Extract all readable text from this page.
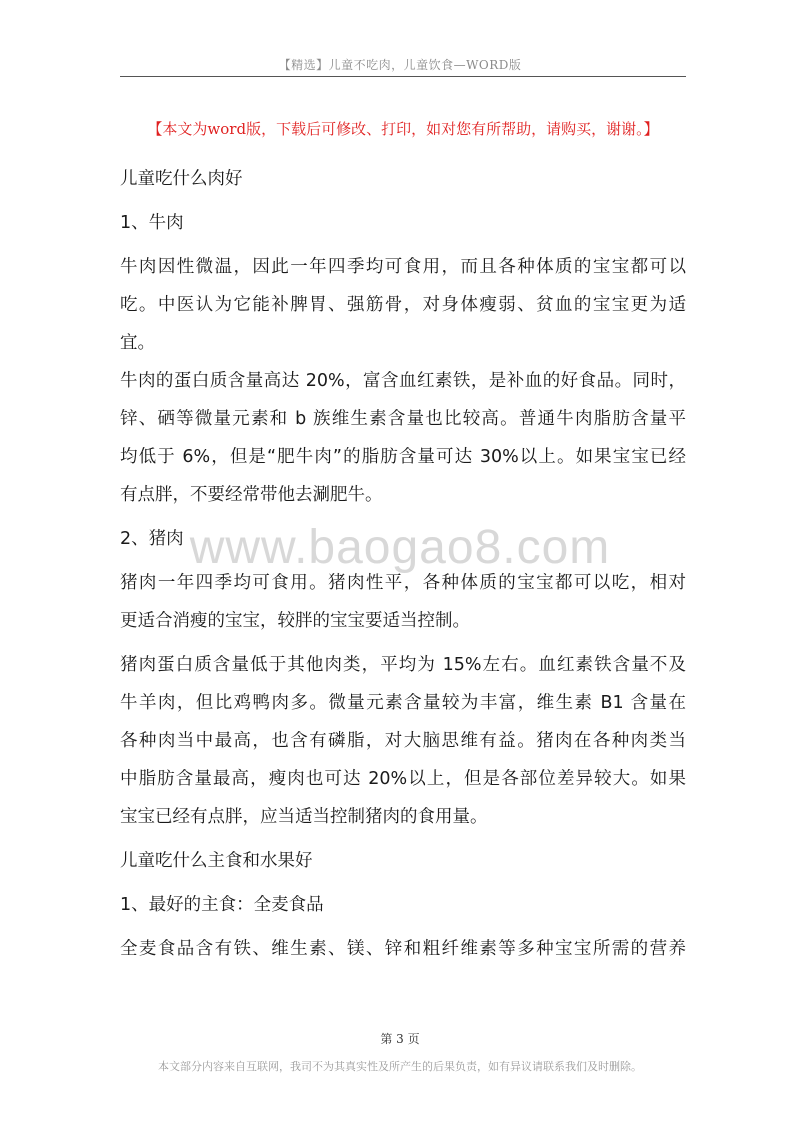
【精选】儿童不吃肉，儿童饮食—WORD版
【本文为word版，下载后可修改、打印，如对您有所帮助，请购买，谢谢。】
www.baogao8.com
儿童吃什么肉好
1、牛肉
牛肉因性微温，因此一年四季均可食用，而且各种体质的宝宝都可以
吃。中医认为它能补脾胃、强筋骨，对身体瘦弱、贫血的宝宝更为适
宜。
牛肉的蛋白质含量高达 20%，富含血红素铁，是补血的好食品。同时，
锌、硒等微量元素和 b 族维生素含量也比较高。普通牛肉脂肪含量平
均低于 6%，但是“肥牛肉”的脂肪含量可达 30%以上。如果宝宝已经
有点胖，不要经常带他去涮肥牛。
2、猪肉
猪肉一年四季均可食用。猪肉性平，各种体质的宝宝都可以吃，相对
更适合消瘦的宝宝，较胖的宝宝要适当控制。
猪肉蛋白质含量低于其他肉类，平均为 15%左右。血红素铁含量不及
牛羊肉，但比鸡鸭肉多。微量元素含量较为丰富，维生素 B1 含量在
各种肉当中最高，也含有磷脂，对大脑思维有益。猪肉在各种肉类当
中脂肪含量最高，瘦肉也可达 20%以上，但是各部位差异较大。如果
宝宝已经有点胖，应当适当控制猪肉的食用量。
儿童吃什么主食和水果好
1、最好的主食：全麦食品
全麦食品含有铁、维生素、镁、锌和粗纤维素等多种宝宝所需的营养
第 3 页
本文部分内容来自互联网，我司不为其真实性及所产生的后果负责，如有异议请联系我们及时删除。
